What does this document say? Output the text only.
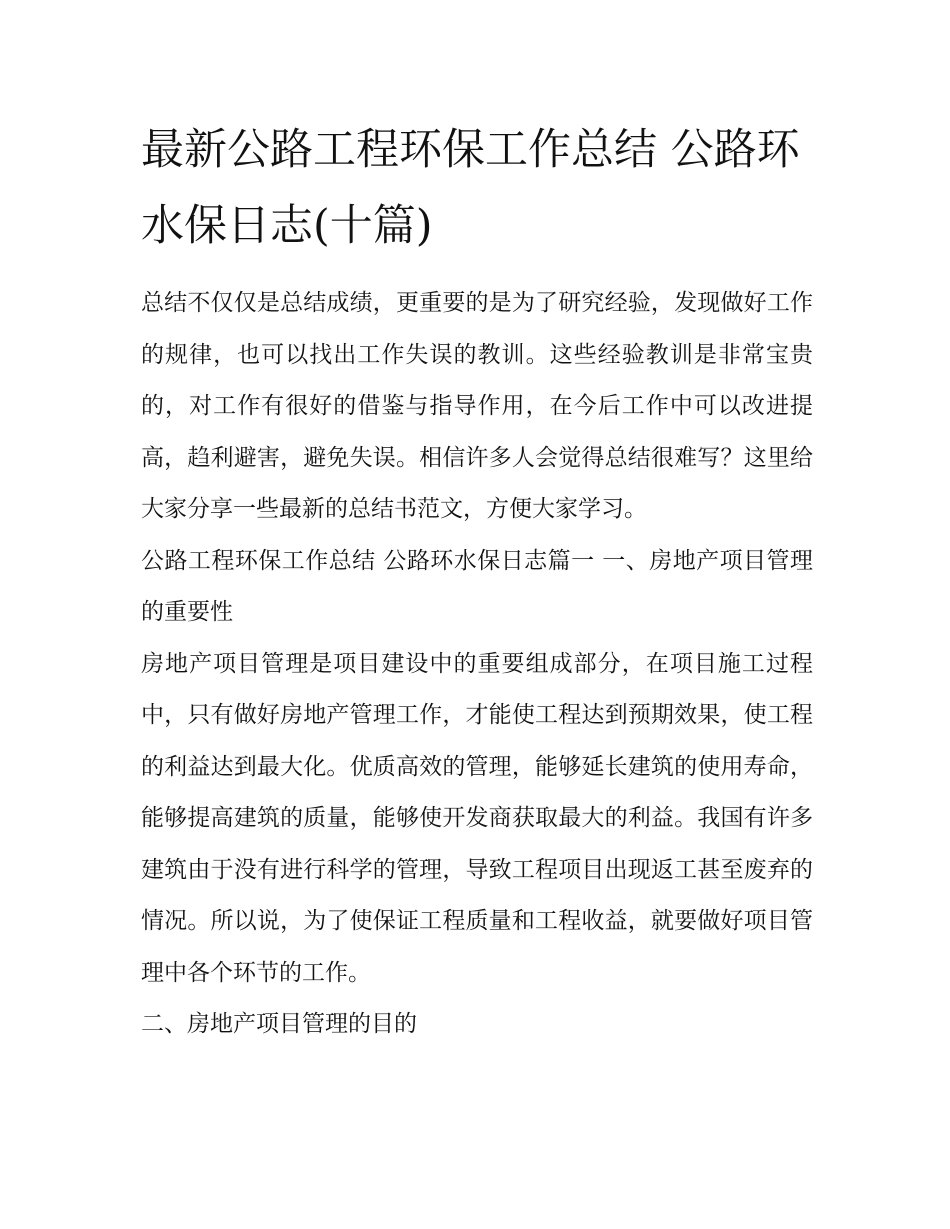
最新公路工程环保工作总结 公路环水保日志(十篇)

总结不仅仅是总结成绩，更重要的是为了研究经验，发现做好工作的规律，也可以找出工作失误的教训。这些经验教训是非常宝贵的，对工作有很好的借鉴与指导作用，在今后工作中可以改进提高，趋利避害，避免失误。相信许多人会觉得总结很难写？这里给大家分享一些最新的总结书范文，方便大家学习。

公路工程环保工作总结 公路环水保日志篇一 一、房地产项目管理的重要性

房地产项目管理是项目建设中的重要组成部分，在项目施工过程中，只有做好房地产管理工作，才能使工程达到预期效果，使工程的利益达到最大化。优质高效的管理，能够延长建筑的使用寿命，能够提高建筑的质量，能够使开发商获取最大的利益。我国有许多建筑由于没有进行科学的管理，导致工程项目出现返工甚至废弃的情况。所以说，为了使保证工程质量和工程收益，就要做好项目管理中各个环节的工作。

二、房地产项目管理的目的
